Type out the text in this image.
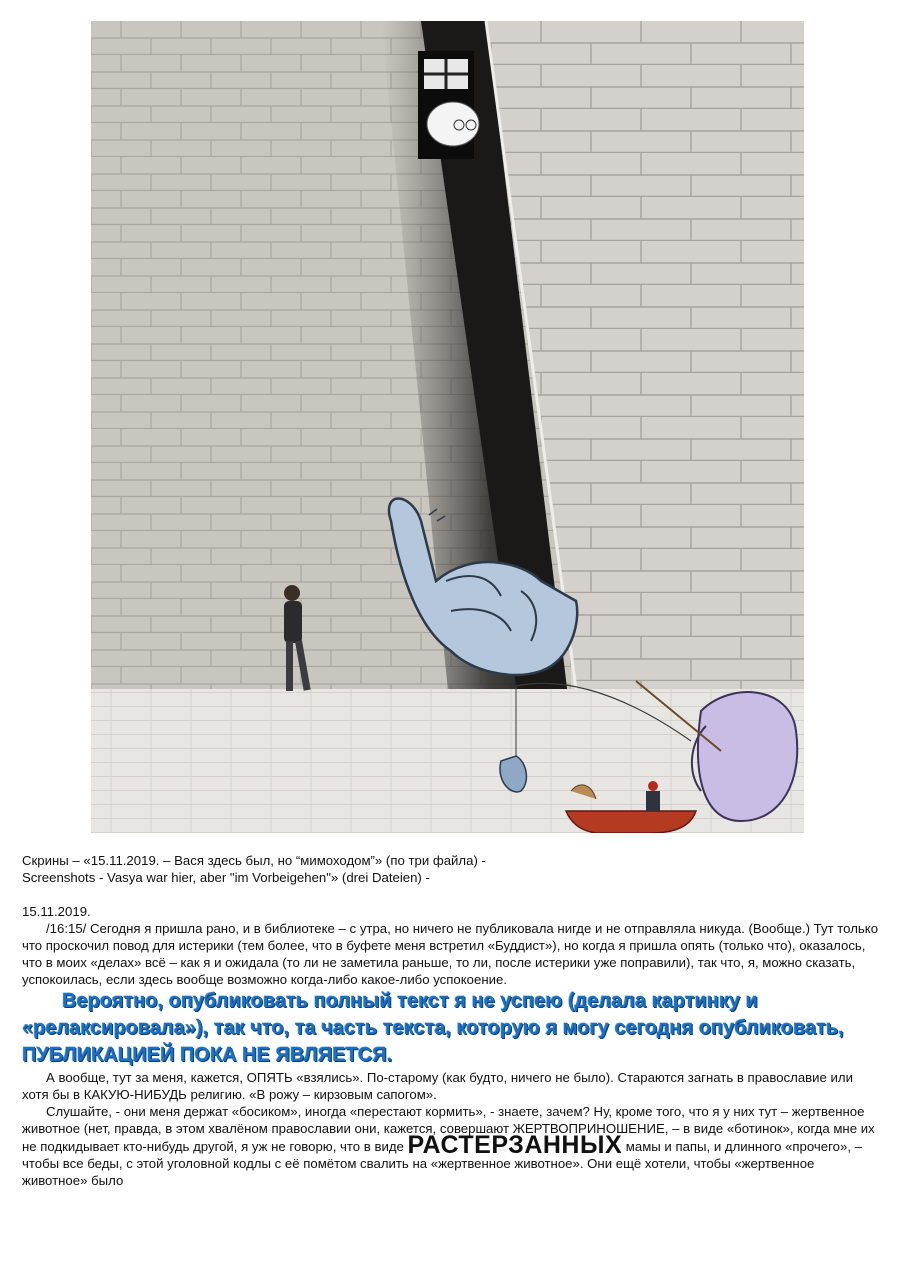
Скрины – «15.11.2019. – Вася здесь был, но “мимоходом”» (по три файла) -

Screenshots - Vasya war hier, aber "im Vorbeigehen"» (drei Dateien) -

15.11.2019.

/16:15/ Сегодня я пришла рано, и в библиотеке – с утра, но ничего не публиковала нигде и не отправляла никуда. (Вообще.) Тут только что проскочил повод для истерики (тем более, что в буфете меня встретил «Буддист»), но когда я пришла опять (только что), оказалось, что в моих «делах» всё – как я и ожидала (то ли не заметила раньше, то ли, после истерики уже поправили), так что, я, можно сказать, успокоилась, если здесь вообще возможно когда-либо какое-либо успокоение.

Вероятно, опубликовать полный текст я не успею (делала картинку и «релаксировала»), так что, та часть текста, которую я могу сегодня опубликовать, ПУБЛИКАЦИЕЙ ПОКА НЕ ЯВЛЯЕТСЯ.

А вообще, тут за меня, кажется, ОПЯТЬ «взялись». По-старому (как будто, ничего не было). Стараются загнать в православие или хотя бы в КАКУЮ-НИБУДЬ религию. «В рожу – кирзовым сапогом».

Слушайте, - они меня держат «босиком», иногда «перестают кормить», - знаете, зачем? Ну, кроме того, что я у них тут – жертвенное животное (нет, правда, в этом хвалёном православии они, кажется, совершают ЖЕРТВОПРИНОШЕНИЕ, – в виде «ботинок», когда мне их не подкидывает кто-нибудь другой, я уж не говорю, что в виде РАСТЕРЗАННЫХ мамы и папы, и длинного «прочего», – чтобы все беды, с этой уголовной кодлы с её помётом свалить на «жертвенное животное». Они ещё хотели, чтобы «жертвенное животное» было
